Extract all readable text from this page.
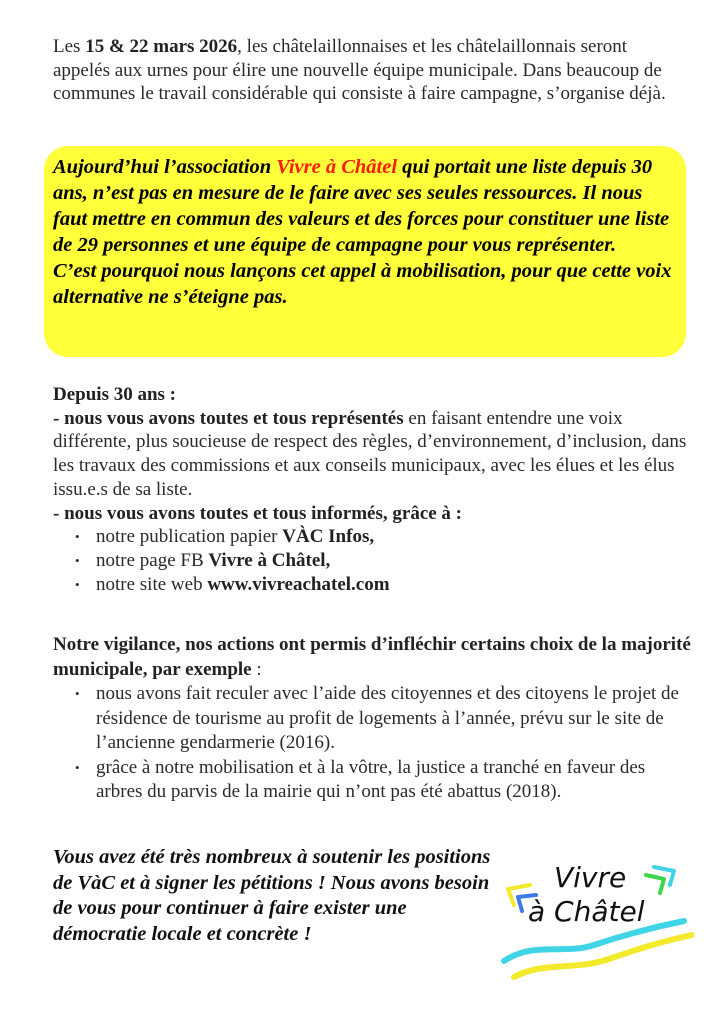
Les 15 & 22 mars 2026, les châtelaillonnaises et les châtelaillonnais seront appelés aux urnes pour élire une nouvelle équipe municipale. Dans beaucoup de communes le travail considérable qui consiste à faire campagne, s’organise déjà.
Aujourd’hui l’association Vivre à Châtel qui portait une liste depuis 30 ans, n’est pas en mesure de le faire avec ses seules ressources. Il nous faut mettre en commun des valeurs et des forces pour constituer une liste de 29 personnes et une équipe de campagne pour vous représenter.
C’est pourquoi nous lançons cet appel à mobilisation, pour que cette voix alternative ne s’éteigne pas.
Depuis 30 ans :
- nous vous avons toutes et tous représentés en faisant entendre une voix différente, plus soucieuse de respect des règles, d’environnement, d’inclusion, dans les travaux des commissions et aux conseils municipaux, avec les élues et les élus issu.e.s de sa liste.
- nous vous avons toutes et tous informés, grâce à :
• notre publication papier VÀC Infos,
• notre page FB Vivre à Châtel,
• notre site web www.vivreachatel.com
Notre vigilance, nos actions ont permis d’infléchir certains choix de la majorité municipale, par exemple :
• nous avons fait reculer avec l’aide des citoyennes et des citoyens le projet de résidence de tourisme au profit de logements à l’année, prévu sur le site de l’ancienne gendarmerie (2016).
• grâce à notre mobilisation et à la vôtre, la justice a tranché en faveur des arbres du parvis de la mairie qui n’ont pas été abattus (2018).
Vous avez été très nombreux à soutenir les positions de VàC et à signer les pétitions ! Nous avons besoin de vous pour continuer à faire exister une démocratie locale et concrète !
Vivre
à Châtel
